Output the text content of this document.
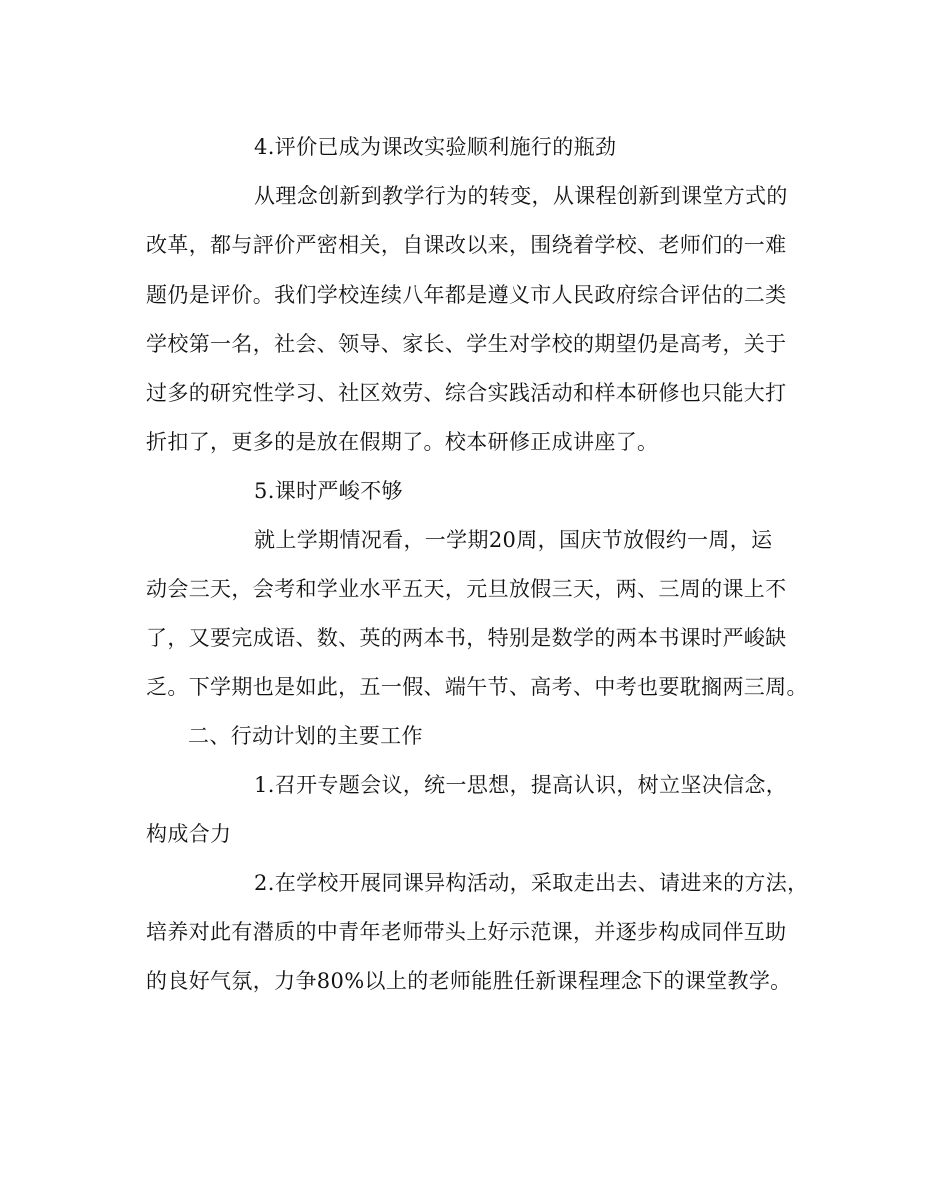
4.评价已成为课改实验顺利施行的瓶劲
从理念创新到教学行为的转变，从课程创新到课堂方式的
改革，都与評价严密相关，自课改以来，围绕着学校、老师们的一难
题仍是评价。我们学校连续八年都是遵义市人民政府综合评估的二类
学校第一名，社会、领导、家长、学生对学校的期望仍是高考，关于
过多的研究性学习、社区效劳、综合实践活动和样本研修也只能大打
折扣了，更多的是放在假期了。校本研修正成讲座了。
5.课时严峻不够
就上学期情况看，一学期20周，国庆节放假约一周，运
动会三天，会考和学业水平五天，元旦放假三天，两、三周的课上不
了，又要完成语、数、英的两本书，特别是数学的两本书课时严峻缺
乏。下学期也是如此，五一假、端午节、高考、中考也要耽搁两三周。
二、行动计划的主要工作
1.召开专题会议，统一思想，提高认识，树立坚决信念，
构成合力
2.在学校开展同课异构活动，采取走出去、请进来的方法，
培养对此有潜质的中青年老师带头上好示范课，并逐步构成同伴互助
的良好气氛，力争80%以上的老师能胜任新课程理念下的课堂教学。
